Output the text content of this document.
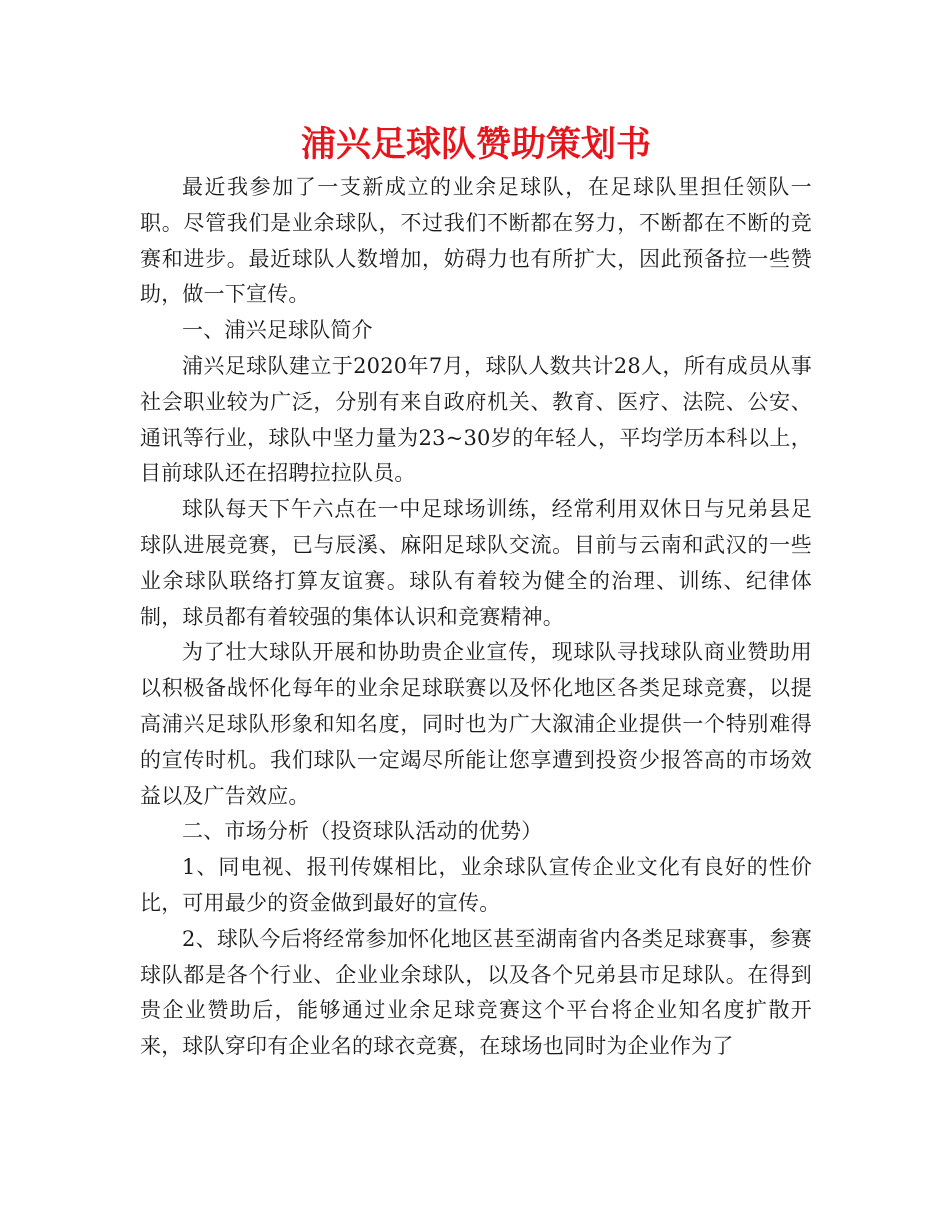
浦兴足球队赞助策划书

最近我参加了一支新成立的业余足球队，在足球队里担任领队一职。尽管我们是业余球队，不过我们不断都在努力，不断都在不断的竞赛和进步。最近球队人数增加，妨碍力也有所扩大，因此预备拉一些赞助，做一下宣传。

一、浦兴足球队简介

浦兴足球队建立于2020年7月，球队人数共计28人，所有成员从事社会职业较为广泛，分别有来自政府机关、教育、医疗、法院、公安、通讯等行业，球队中坚力量为23~30岁的年轻人，平均学历本科以上，目前球队还在招聘拉拉队员。

球队每天下午六点在一中足球场训练，经常利用双休日与兄弟县足球队进展竞赛，已与辰溪、麻阳足球队交流。目前与云南和武汉的一些业余球队联络打算友谊赛。球队有着较为健全的治理、训练、纪律体制，球员都有着较强的集体认识和竞赛精神。

为了壮大球队开展和协助贵企业宣传，现球队寻找球队商业赞助用以积极备战怀化每年的业余足球联赛以及怀化地区各类足球竞赛，以提高浦兴足球队形象和知名度，同时也为广大溆浦企业提供一个特别难得的宣传时机。我们球队一定竭尽所能让您享遭到投资少报答高的市场效益以及广告效应。

二、市场分析（投资球队活动的优势）

1、同电视、报刊传媒相比，业余球队宣传企业文化有良好的性价比，可用最少的资金做到最好的宣传。

2、球队今后将经常参加怀化地区甚至湖南省内各类足球赛事，参赛球队都是各个行业、企业业余球队，以及各个兄弟县市足球队。在得到贵企业赞助后，能够通过业余足球竞赛这个平台将企业知名度扩散开来，球队穿印有企业名的球衣竞赛，在球场也同时为企业作为了
